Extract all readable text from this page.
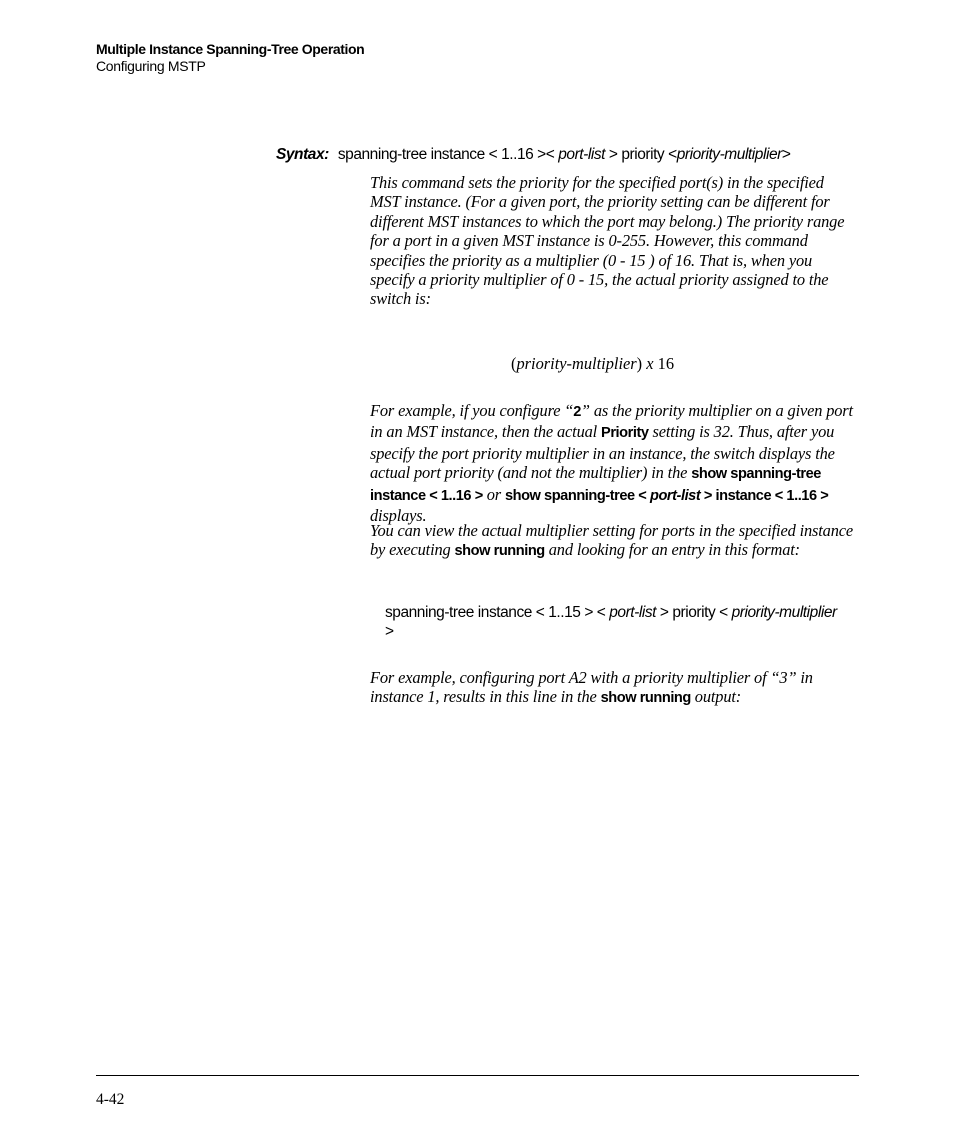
Multiple Instance Spanning-Tree Operation
Configuring MSTP
Syntax: spanning-tree instance < 1..16 >< port-list > priority <priority-multiplier>
This command sets the priority for the specified port(s) in the specified MST instance. (For a given port, the priority setting can be different for different MST instances to which the port may belong.) The priority range for a port in a given MST instance is 0-255. However, this command specifies the priority as a multiplier (0 - 15 ) of 16. That is, when you specify a priority multiplier of 0 - 15, the actual priority assigned to the switch is:
(priority-multiplier) x 16
For example, if you configure “2” as the priority multiplier on a given port in an MST instance, then the actual Priority setting is 32. Thus, after you specify the port priority multiplier in an instance, the switch displays the actual port priority (and not the multiplier) in the show spanning-tree instance < 1..16 > or show spanning-tree < port-list > instance < 1..16 > displays.
You can view the actual multiplier setting for ports in the specified instance by executing show running and looking for an entry in this format:
spanning-tree instance < 1..15 > < port-list > priority < priority-multiplier >
For example, configuring port A2 with a priority multiplier of “3” in instance 1, results in this line in the show running output:
4-42
